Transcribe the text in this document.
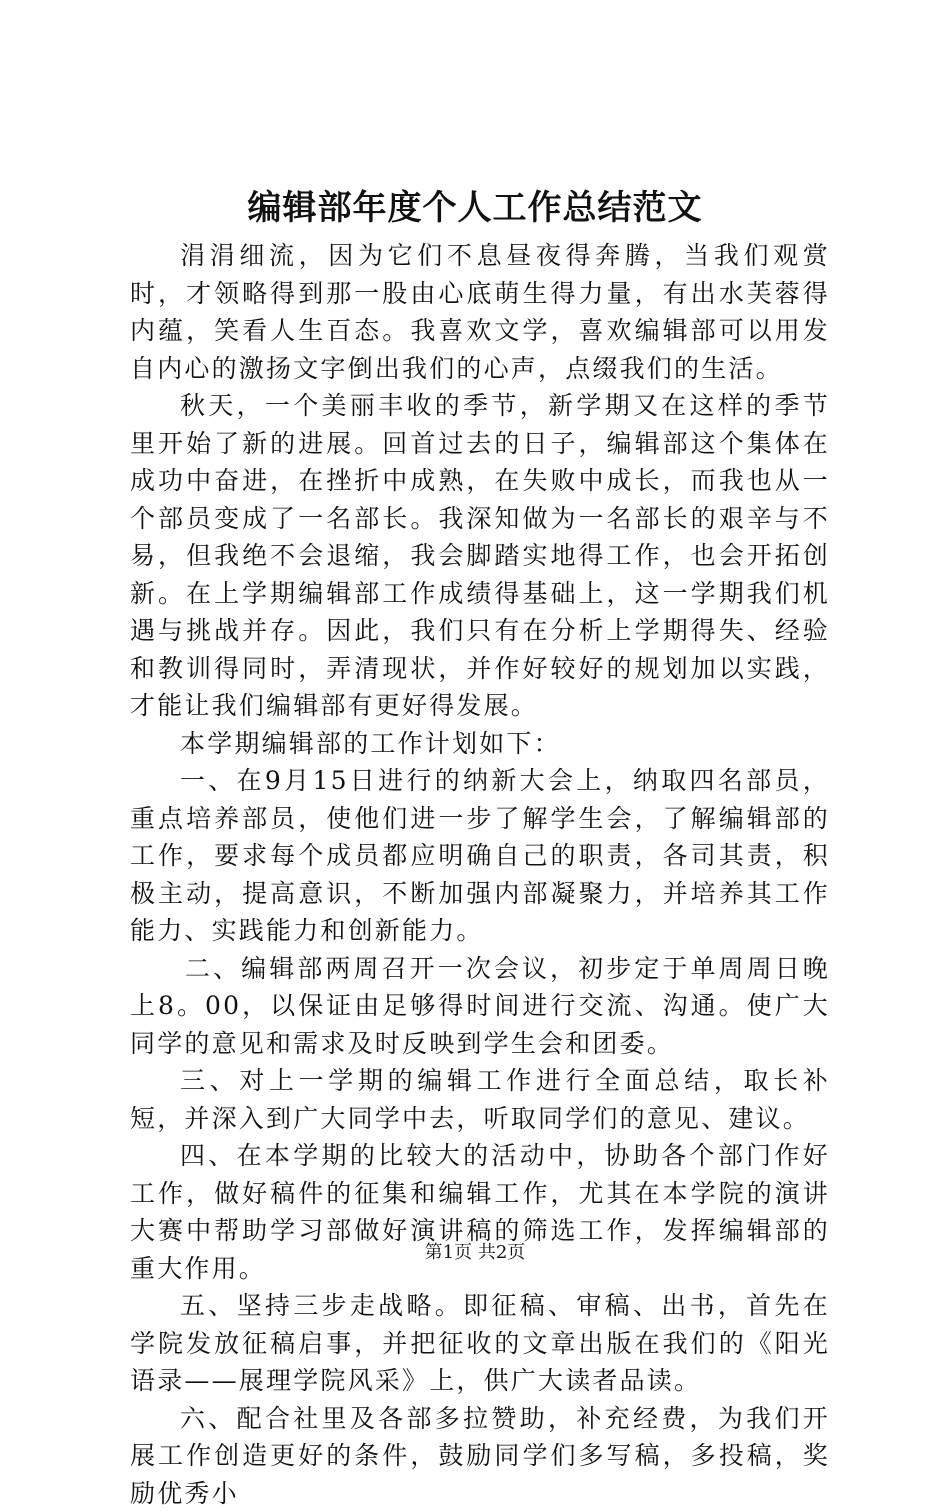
编辑部年度个人工作总结范文

涓涓细流，因为它们不息昼夜得奔腾，当我们观赏时，才领略得到那一股由心底萌生得力量，有出水芙蓉得内蕴，笑看人生百态。我喜欢文学，喜欢编辑部可以用发自内心的激扬文字倒出我们的心声，点缀我们的生活。

秋天，一个美丽丰收的季节，新学期又在这样的季节里开始了新的进展。回首过去的日子，编辑部这个集体在成功中奋进，在挫折中成熟，在失败中成长，而我也从一个部员变成了一名部长。我深知做为一名部长的艰辛与不易，但我绝不会退缩，我会脚踏实地得工作，也会开拓创新。在上学期编辑部工作成绩得基础上，这一学期我们机遇与挑战并存。因此，我们只有在分析上学期得失、经验和教训得同时，弄清现状，并作好较好的规划加以实践，才能让我们编辑部有更好得发展。

本学期编辑部的工作计划如下：

一、在9月15日进行的纳新大会上，纳取四名部员，重点培养部员，使他们进一步了解学生会，了解编辑部的工作，要求每个成员都应明确自己的职责，各司其责，积极主动，提高意识，不断加强内部凝聚力，并培养其工作能力、实践能力和创新能力。

二、编辑部两周召开一次会议，初步定于单周周日晚上8。00，以保证由足够得时间进行交流、沟通。使广大同学的意见和需求及时反映到学生会和团委。

三、对上一学期的编辑工作进行全面总结，取长补短，并深入到广大同学中去，听取同学们的意见、建议。

四、在本学期的比较大的活动中，协助各个部门作好工作，做好稿件的征集和编辑工作，尤其在本学院的演讲大赛中帮助学习部做好演讲稿的筛选工作，发挥编辑部的重大作用。

五、坚持三步走战略。即征稿、审稿、出书，首先在学院发放征稿启事，并把征收的文章出版在我们的《阳光语录——展理学院风采》上，供广大读者品读。

六、配合社里及各部多拉赞助，补充经费，为我们开展工作创造更好的条件，鼓励同学们多写稿，多投稿，奖励优秀小

第1页 共2页
